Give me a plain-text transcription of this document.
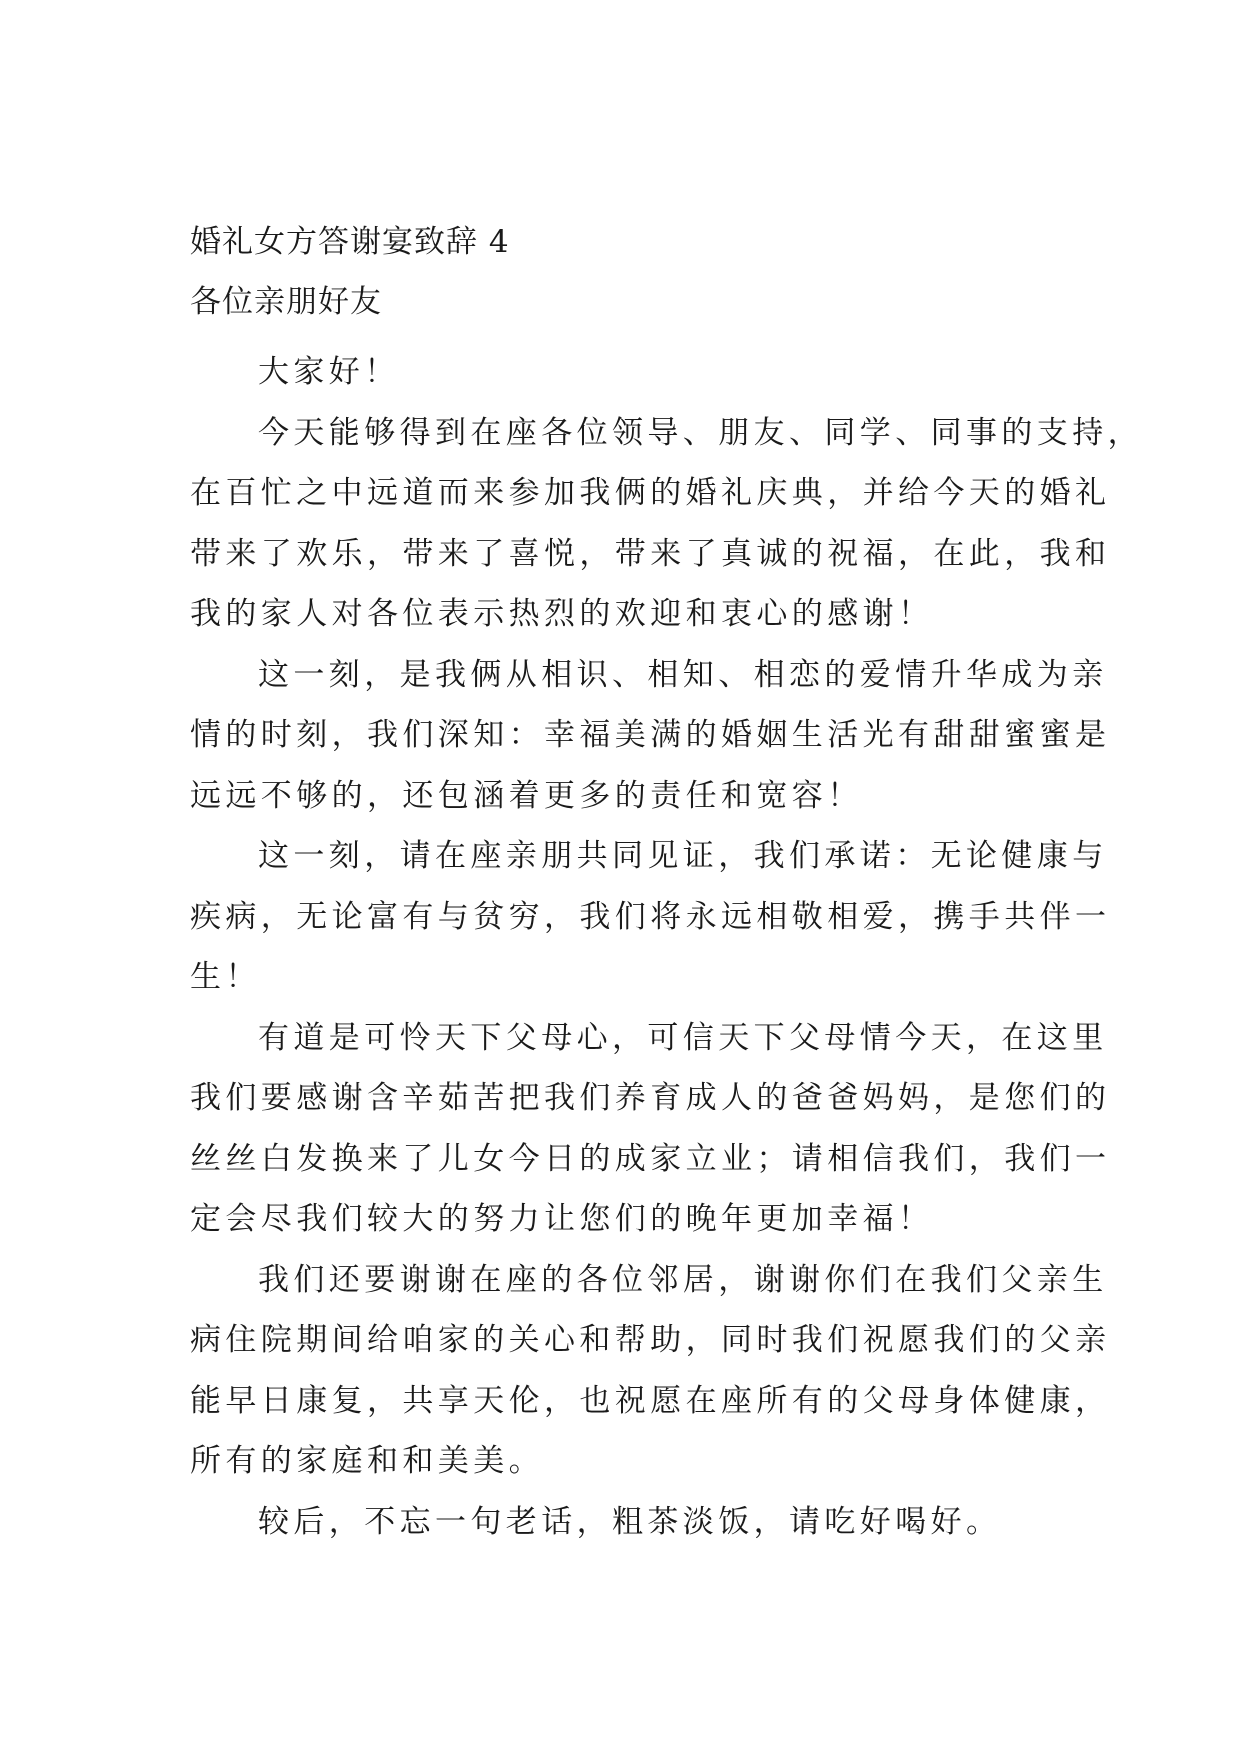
婚礼女方答谢宴致辞 4

各位亲朋好友

大家好！

今天能够得到在座各位领导、朋友、同学、同事的支持，
在百忙之中远道而来参加我俩的婚礼庆典，并给今天的婚礼
带来了欢乐，带来了喜悦，带来了真诚的祝福，在此，我和
我的家人对各位表示热烈的欢迎和衷心的感谢！

这一刻，是我俩从相识、相知、相恋的爱情升华成为亲
情的时刻，我们深知：幸福美满的婚姻生活光有甜甜蜜蜜是
远远不够的，还包涵着更多的责任和宽容！

这一刻，请在座亲朋共同见证，我们承诺：无论健康与
疾病，无论富有与贫穷，我们将永远相敬相爱，携手共伴一
生！

有道是可怜天下父母心，可信天下父母情今天，在这里
我们要感谢含辛茹苦把我们养育成人的爸爸妈妈，是您们的
丝丝白发换来了儿女今日的成家立业；请相信我们，我们一
定会尽我们较大的努力让您们的晚年更加幸福！

我们还要谢谢在座的各位邻居，谢谢你们在我们父亲生
病住院期间给咱家的关心和帮助，同时我们祝愿我们的父亲
能早日康复，共享天伦，也祝愿在座所有的父母身体健康，
所有的家庭和和美美。

较后，不忘一句老话，粗茶淡饭，请吃好喝好。
